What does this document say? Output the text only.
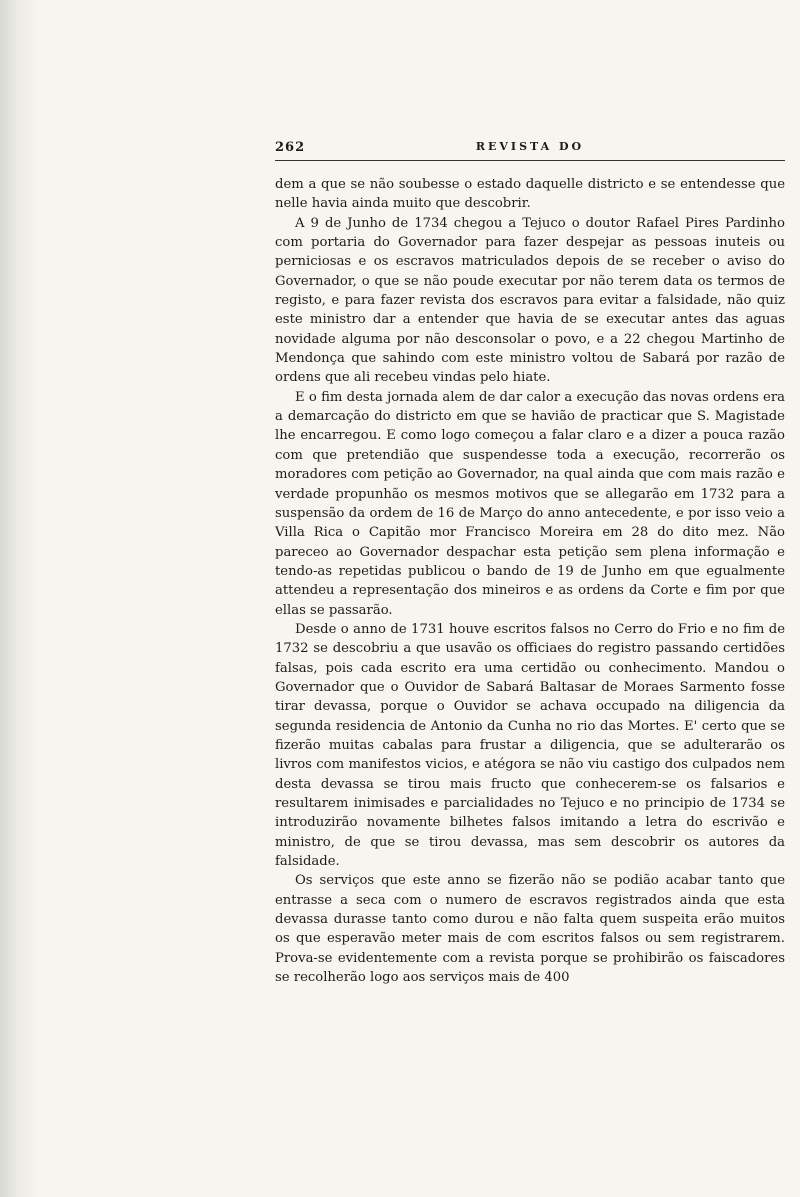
262	REVISTA DO

dem a que se não soubesse o estado daquelle districto e se entendesse que nelle havia ainda muito que descobrir.

A 9 de Junho de 1734 chegou a Tejuco o doutor Rafael Pires Pardinho com portaria do Governador para fazer despejar as pessoas inuteis ou perniciosas e os escravos matriculados depois de se receber o aviso do Governador, o que se não poude executar por não terem data os termos de registo, e para fazer revista dos escravos para evitar a falsidade, não quiz este ministro dar a entender que havia de se executar antes das aguas novidade alguma por não desconsolar o povo, e a 22 chegou Martinho de Mendonça que sahindo com este ministro voltou de Sabará por razão de ordens que ali recebeu vindas pelo hiate.

E o fim desta jornada alem de dar calor a execução das novas ordens era a demarcação do districto em que se havião de practicar que S. Magistade lhe encarregou. E como logo começou a falar claro e a dizer a pouca razão com que pretendião que suspendesse toda a execução, recorrerão os moradores com petição ao Governador, na qual ainda que com mais razão e verdade propunhão os mesmos motivos que se allegarão em 1732 para a suspensão da ordem de 16 de Março do anno antecedente, e por isso veio a Villa Rica o Capitão mor Francisco Moreira em 28 do dito mez. Não pareceo ao Governador despachar esta petição sem plena informação e tendo-as repetidas publicou o bando de 19 de Junho em que egualmente attendeu a representação dos mineiros e as ordens da Corte e fim por que ellas se passarão.

Desde o anno de 1731 houve escritos falsos no Cerro do Frio e no fim de 1732 se descobriu a que usavão os officiaes do registro passando certidões falsas, pois cada escrito era uma certidão ou conhecimento. Mandou o Governador que o Ouvidor de Sabará Baltasar de Moraes Sarmento fosse tirar devassa, porque o Ouvidor se achava occupado na diligencia da segunda residencia de Antonio da Cunha no rio das Mortes. E' certo que se fizerão muitas cabalas para frustar a diligencia, que se adulterarão os livros com manifestos vicios, e atégora se não viu castigo dos culpados nem desta devassa se tirou mais fructo que conhecerem-se os falsarios e resultarem inimisades e parcialidades no Tejuco e no principio de 1734 se introduzirão novamente bilhetes falsos imitando a letra do escrivão e ministro, de que se tirou devassa, mas sem descobrir os autores da falsidade.

Os serviços que este anno se fizerão não se podião acabar tanto que entrasse a seca com o numero de escravos registrados ainda que esta devassa durasse tanto como durou e não falta quem suspeita erão muitos os que esperavão meter mais de com escritos falsos ou sem registrarem. Prova-se evidentemente com a revista porque se prohibirão os faiscadores se recolherão logo aos serviços mais de 400
